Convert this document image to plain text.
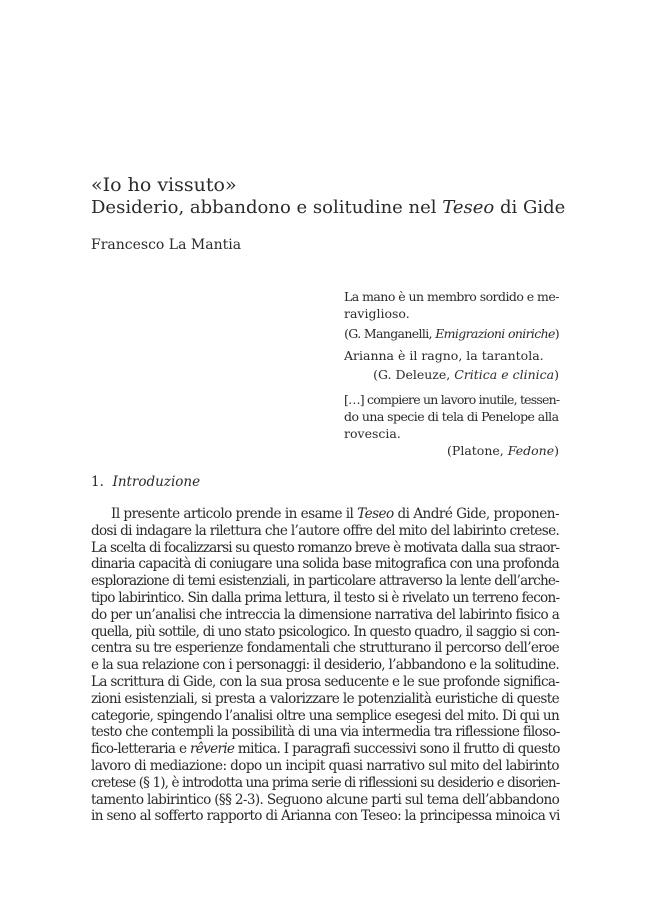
«Io ho vissuto»
Desiderio, abbandono e solitudine nel Teseo di Gide
Francesco La Mantia
La mano è un membro sordido e me-
raviglioso.
(G. Manganelli, Emigrazioni oniriche)
Arianna è il ragno, la tarantola.
(G. Deleuze, Critica e clinica)
[…] compiere un lavoro inutile, tessen-
do una specie di tela di Penelope alla
rovescia.
(Platone, Fedone)
1. Introduzione
Il presente articolo prende in esame il Teseo di André Gide, proponen-
dosi di indagare la rilettura che l’autore offre del mito del labirinto cretese.
La scelta di focalizzarsi su questo romanzo breve è motivata dalla sua straor-
dinaria capacità di coniugare una solida base mitografica con una profonda
esplorazione di temi esistenziali, in particolare attraverso la lente dell’arche-
tipo labirintico. Sin dalla prima lettura, il testo si è rivelato un terreno fecon-
do per un’analisi che intreccia la dimensione narrativa del labirinto fisico a
quella, più sottile, di uno stato psicologico. In questo quadro, il saggio si con-
centra su tre esperienze fondamentali che strutturano il percorso dell’eroe
e la sua relazione con i personaggi: il desiderio, l’abbandono e la solitudine.
La scrittura di Gide, con la sua prosa seducente e le sue profonde significa-
zioni esistenziali, si presta a valorizzare le potenzialità euristiche di queste
categorie, spingendo l’analisi oltre una semplice esegesi del mito. Di qui un
testo che contempli la possibilità di una via intermedia tra riflessione filoso-
fico-letteraria e rêverie mitica. I paragrafi successivi sono il frutto di questo
lavoro di mediazione: dopo un incipit quasi narrativo sul mito del labirinto
cretese (§ 1), è introdotta una prima serie di riflessioni su desiderio e disorien-
tamento labirintico (§§ 2-3). Seguono alcune parti sul tema dell’abbandono
in seno al sofferto rapporto di Arianna con Teseo: la principessa minoica vi
